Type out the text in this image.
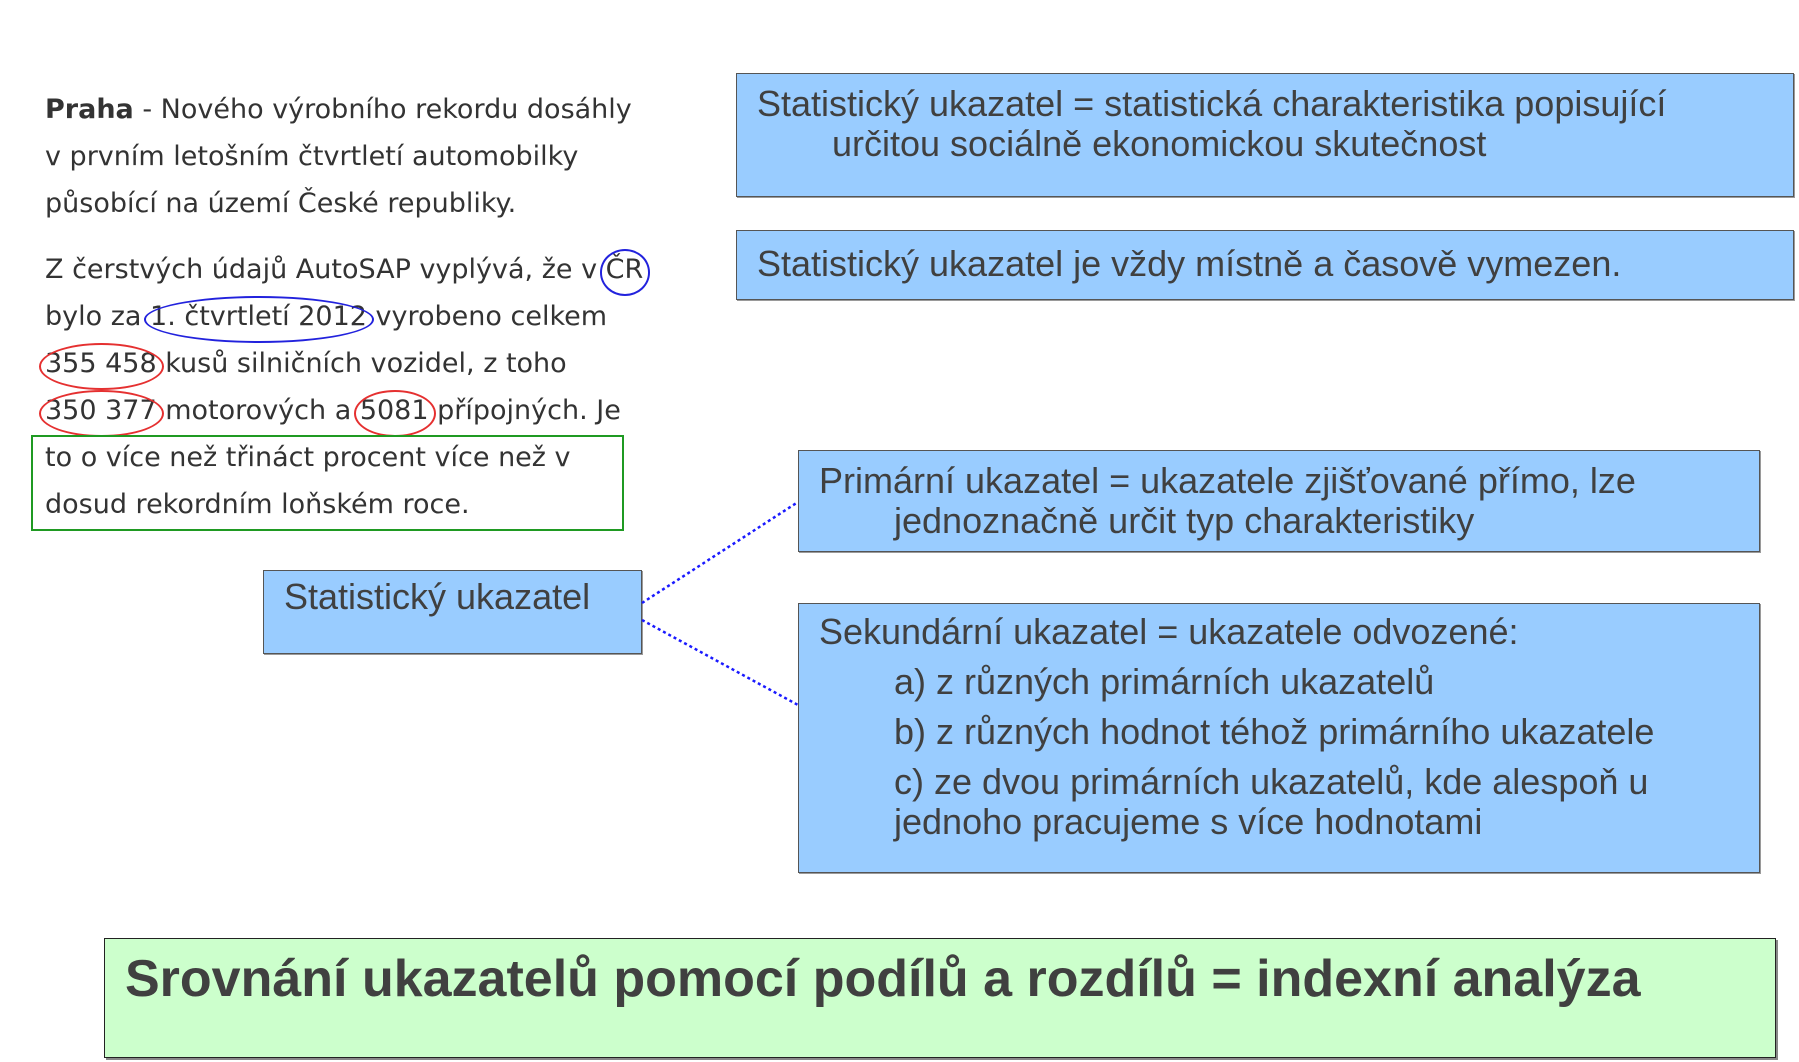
Praha - Nového výrobního rekordu dosáhly v prvním letošním čtvrtletí automobilky působící na území České republiky.

Z čerstvých údajů AutoSAP vyplývá, že v ČR bylo za 1. čtvrtletí 2012 vyrobeno celkem 355 458 kusů silničních vozidel, z toho 350 377 motorových a 5081 přípojných. Je to o více než třináct procent více než v dosud rekordním loňském roce.

Statistický ukazatel = statistická charakteristika popisující
určitou sociálně ekonomickou skutečnost
Statistický ukazatel je vždy místně a časově vymezen.
Primární ukazatel = ukazatele zjišťované přímo, lze
jednoznačně určit typ charakteristiky
Sekundární ukazatel = ukazatele odvozené:
a) z různých primárních ukazatelů
b) z různých hodnot téhož primárního ukazatele
c) ze dvou primárních ukazatelů, kde alespoň u
jednoho pracujeme s více hodnotami
Statistický ukazatel
Srovnání ukazatelů pomocí podílů a rozdílů = indexní analýza
